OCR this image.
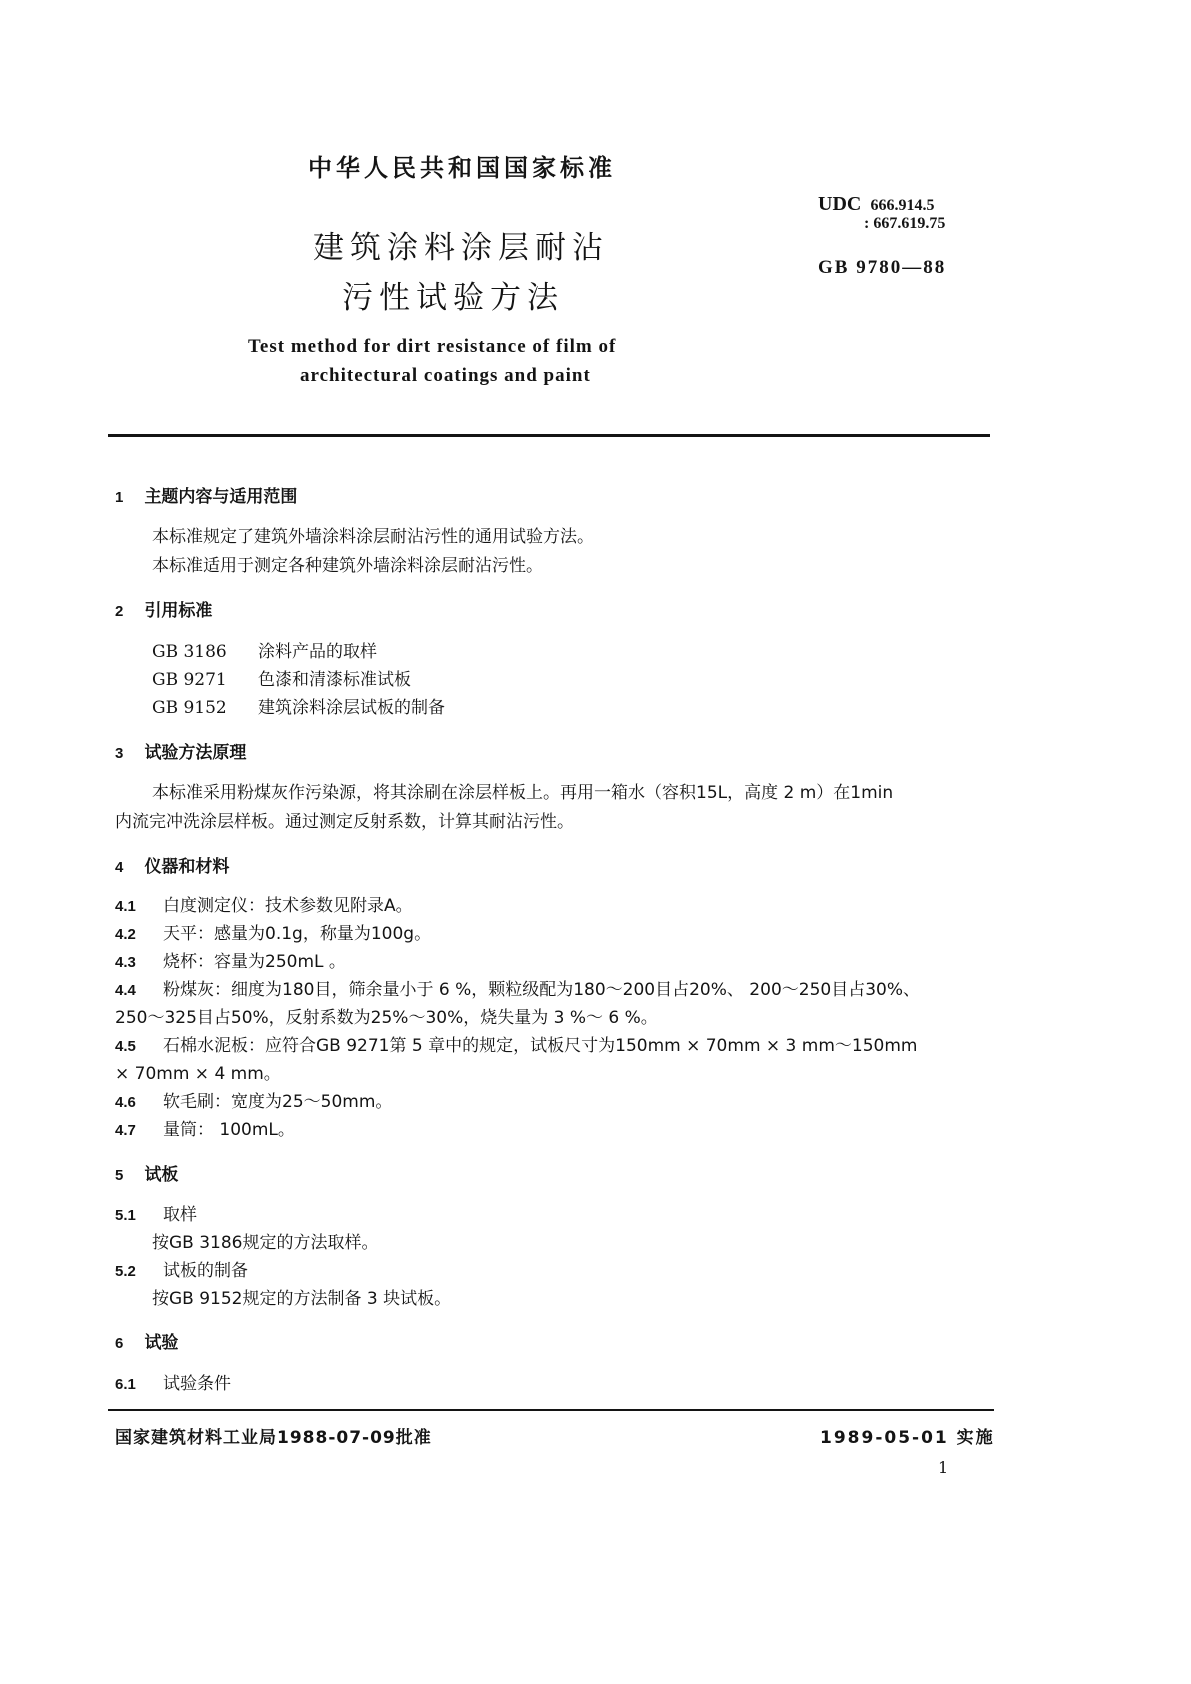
中华人民共和国国家标准
UDC 666.914.5
: 667.619.75
GB 9780—88
建筑涂料涂层耐沾
污性试验方法
Test method for dirt resistance of film of
architectural coatings and paint
1 主题内容与适用范围
本标准规定了建筑外墙涂料涂层耐沾污性的通用试验方法。
本标准适用于测定各种建筑外墙涂料涂层耐沾污性。
2 引用标准
GB 3186 涂料产品的取样
GB 9271 色漆和清漆标准试板
GB 9152 建筑涂料涂层试板的制备
3 试验方法原理
本标准采用粉煤灰作污染源，将其涂刷在涂层样板上。再用一箱水（容积15L，高度 2 m）在1min
内流完冲洗涂层样板。通过测定反射系数，计算其耐沾污性。
4 仪器和材料
4.1 白度测定仪：技术参数见附录A。
4.2 天平：感量为0.1g，称量为100g。
4.3 烧杯：容量为250mL 。
4.4 粉煤灰：细度为180目，筛余量小于 6 %，颗粒级配为180～200目占20%、 200～250目占30%、
250～325目占50%，反射系数为25%～30%，烧失量为 3 %～ 6 %。
4.5 石棉水泥板：应符合GB 9271第 5 章中的规定，试板尺寸为150mm × 70mm × 3 mm～150mm
× 70mm × 4 mm。
4.6 软毛刷：宽度为25～50mm。
4.7 量筒： 100mL。
5 试板
5.1 取样
按GB 3186规定的方法取样。
5.2 试板的制备
按GB 9152规定的方法制备 3 块试板。
6 试验
6.1 试验条件
国家建筑材料工业局1988-07-09批准	1989-05-01 实施
1
